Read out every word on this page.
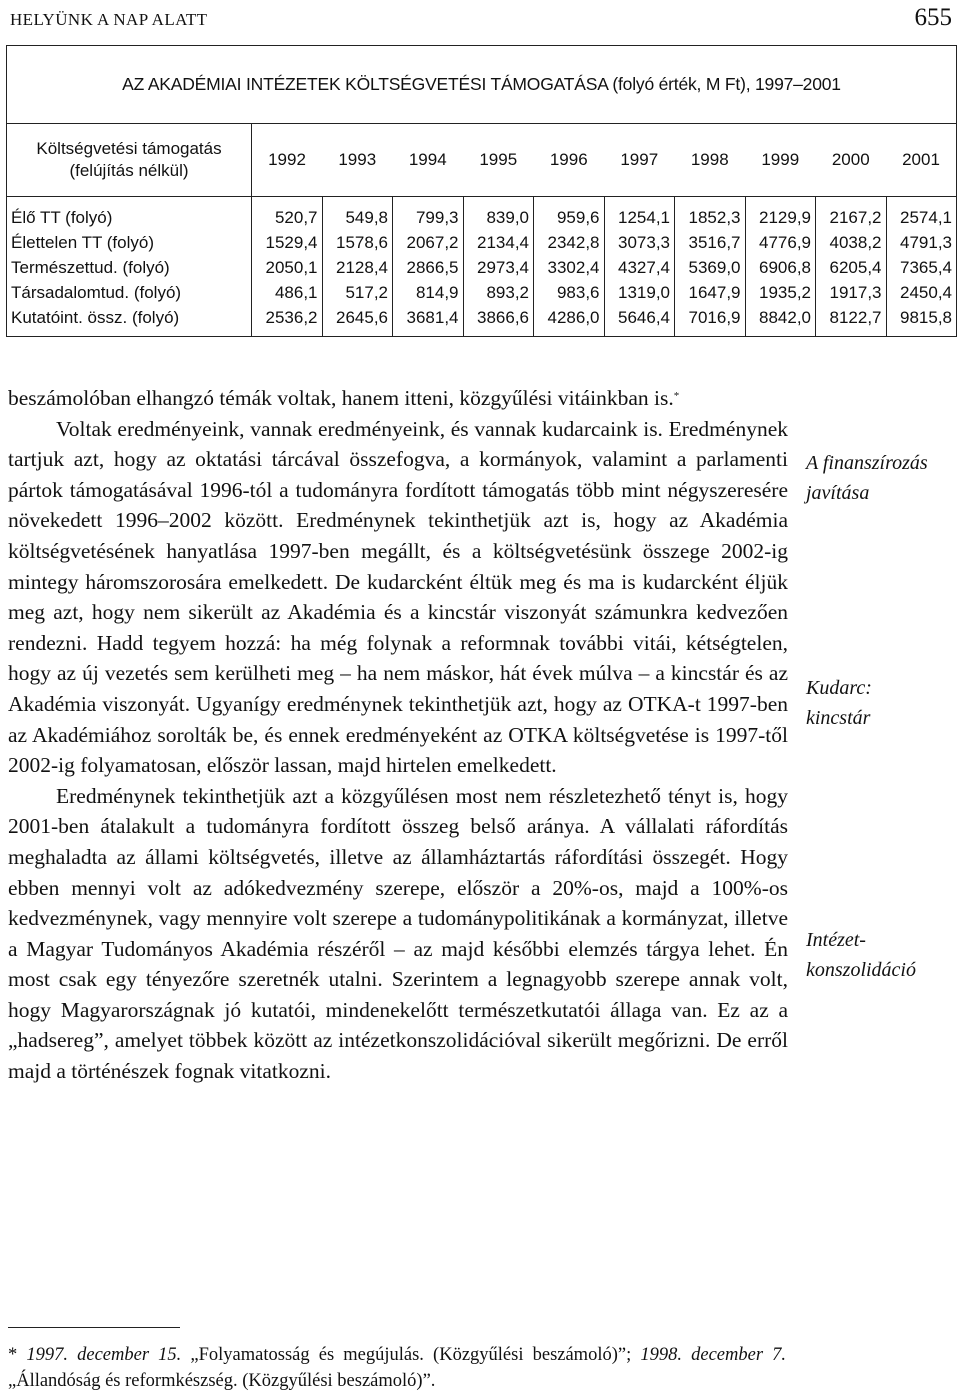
HELYÜNK A NAP ALATT	655
AZ AKADÉMIAI INTÉZETEK KÖLTSÉGVETÉSI TÁMOGATÁSA (folyó érték, M Ft), 1997–2001										
Költségvetési támogatás
(felújítás nélkül)	1992	1993	1994	1995	1996	1997	1998	1999	2000	2001
Élő TT (folyó)	520,7	549,8	799,3	839,0	959,6	1254,1	1852,3	2129,9	2167,2	2574,1
Élettelen TT (folyó)	1529,4	1578,6	2067,2	2134,4	2342,8	3073,3	3516,7	4776,9	4038,2	4791,3
Természettud. (folyó)	2050,1	2128,4	2866,5	2973,4	3302,4	4327,4	5369,0	6906,8	6205,4	7365,4
Társadalomtud. (folyó)	486,1	517,2	814,9	893,2	983,6	1319,0	1647,9	1935,2	1917,3	2450,4
Kutatóint. össz. (folyó)	2536,2	2645,6	3681,4	3866,6	4286,0	5646,4	7016,9	8842,0	8122,7	9815,8

beszámolóban elhangzó témák voltak, hanem itteni, közgyűlési vitáinkban is.*

Voltak eredményeink, vannak eredményeink, és vannak kudarcaink is. Eredménynek tartjuk azt, hogy az oktatási tárcával összefogva, a kormányok, valamint a parlamenti pártok támogatásával 1996-tól a tudományra fordított támogatás több mint négyszeresére növekedett 1996–2002 között. Eredménynek tekinthetjük azt is, hogy az Akadémia költségvetésének hanyatlása 1997-ben megállt, és a költségvetésünk összege 2002-ig mintegy háromszorosára emelkedett. De kudarcként éltük meg és ma is kudarcként éljük meg azt, hogy nem sikerült az Akadémia és a kincstár viszonyát számunkra kedvezően rendezni. Hadd tegyem hozzá: ha még folynak a reformnak további vitái, kétségtelen, hogy az új vezetés sem kerülheti meg – ha nem máskor, hát évek múlva – a kincstár és az Akadémia viszonyát. Ugyanígy eredménynek tekinthetjük azt, hogy az OTKA-t 1997-ben az Akadémiához sorolták be, és ennek eredményeként az OTKA költségvetése is 1997-től 2002-ig folyamatosan, először lassan, majd hirtelen emelkedett.

Eredménynek tekinthetjük azt a közgyűlésen most nem részletezhető tényt is, hogy 2001-ben átalakult a tudományra fordított összeg belső aránya. A vállalati ráfordítás meghaladta az állami költségvetés, illetve az államháztartás ráfordítási összegét. Hogy ebben mennyi volt az adókedvezmény szerepe, először a 20%-os, majd a 100%-os kedvezménynek, vagy mennyire volt szerepe a tudománypolitikának a kormányzat, illetve a Magyar Tudományos Akadémia részéről – az majd későbbi elemzés tárgya lehet. Én most csak egy tényezőre szeretnék utalni. Szerintem a legnagyobb szerepe annak volt, hogy Magyarországnak jó kutatói, mindenekelőtt természetkutatói állaga van. Ez az a „hadsereg”, amelyet többek között az intézetkonszolidációval sikerült megőrizni. De erről majd a történészek fognak vitatkozni.

A finanszírozás
javítása
Kudarc:
kincstár
Intézet-
konszolidáció
* 1997. december 15. „Folyamatosság és megújulás. (Közgyűlési beszámoló)”; 1998. december 7. „Állandóság és reformkészség. (Közgyűlési beszámoló)”.
